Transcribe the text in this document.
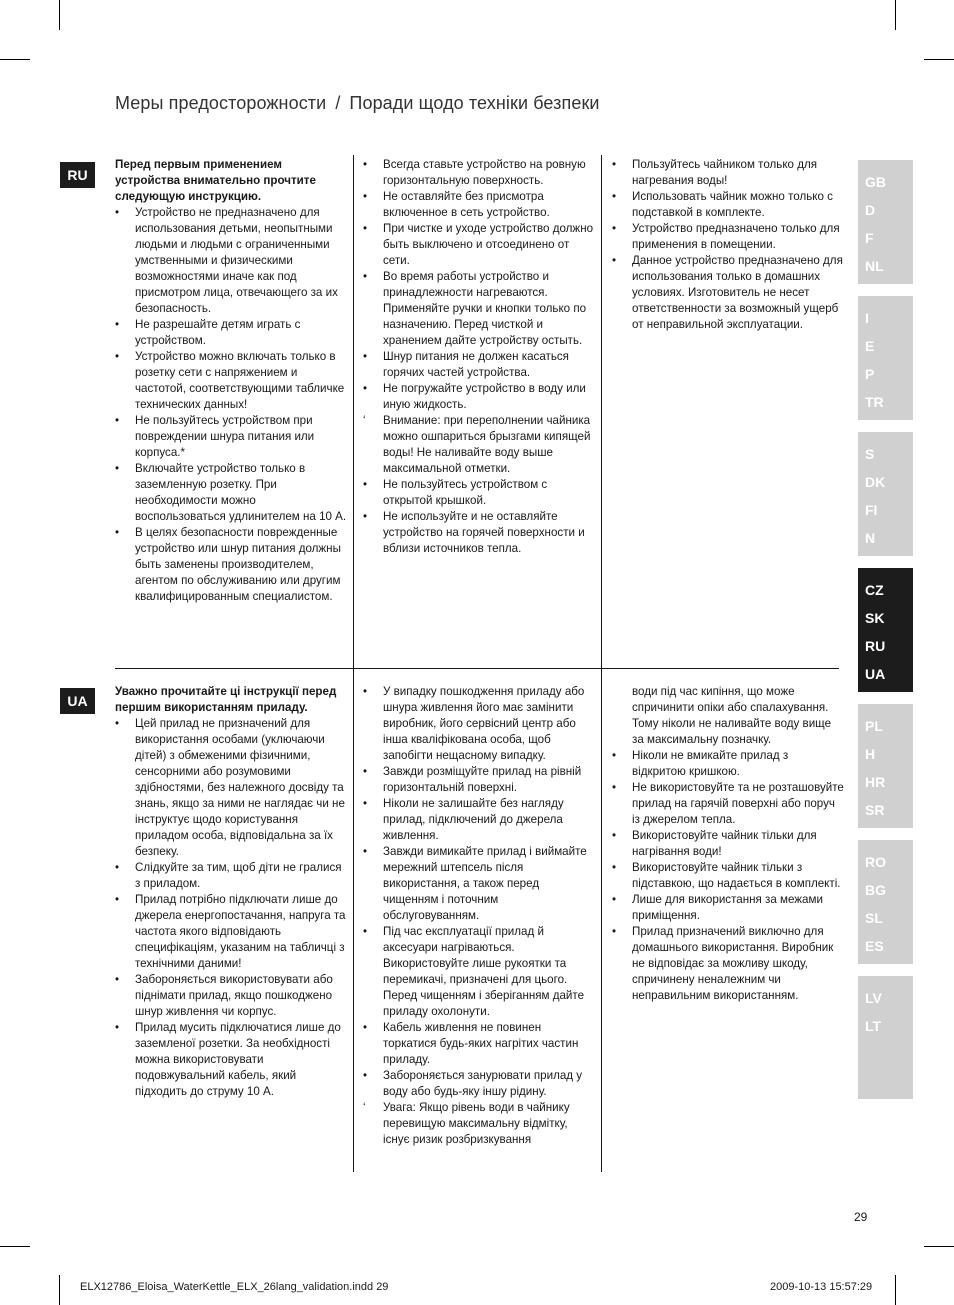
Меры предосторожности / Поради щодо техніки безпеки
RU
Перед первым применением устройства внимательно прочтите следующую инструкцию.
•	Устройство не предназначено для использования детьми, неопытными людьми и людьми с ограниченными умственными и физическими возможностями иначе как под присмотром лица, отвечающего за их безопасность.
•	Не разрешайте детям играть с устройством.
•	Устройство можно включать только в розетку сети с напряжением и частотой, соответствующими табличке технических данных!
•	Не пользуйтесь устройством при повреждении шнура питания или корпуса.*
•	Включайте устройство только в заземленную розетку. При необходимости можно воспользоваться удлинителем на 10 А.
•	В целях безопасности поврежденные устройство или шнур питания должны быть заменены производителем, агентом по обслуживанию или другим квалифицированным специалистом.
•	Всегда ставьте устройство на ровную горизонтальную поверхность.
•	Не оставляйте без присмотра включенное в сеть устройство.
•	При чистке и уходе устройство должно быть выключено и отсоединено от сети.
•	Во время работы устройство и принадлежности нагреваются. Применяйте ручки и кнопки только по назначению. Перед чисткой и хранением дайте устройству остыть.
•	Шнур питания не должен касаться горячих частей устройства.
•	Не погружайте устройство в воду или иную жидкость.
‘	Внимание: при переполнении чайника можно ошпариться брызгами кипящей воды! Не наливайте воду выше максимальной отметки.
•	Не пользуйтесь устройством с открытой крышкой.
•	Не используйте и не оставляйте устройство на горячей поверхности и вблизи источников тепла.
•	Пользуйтесь чайником только для нагревания воды!
•	Использовать чайник можно только с подставкой в комплекте.
•	Устройство предназначено только для применения в помещении.
•	Данное устройство предназначено для использования только в домашних условиях. Изготовитель не несет ответственности за возможный ущерб от неправильной эксплуатации.
UA
Уважно прочитайте ці інструкції перед першим використанням приладу.
•	Цей прилад не призначений для використання особами (уключаючи дітей) з обмеженими фізичними, сенсорними або розумовими здібностями, без належного досвіду та знань, якщо за ними не наглядає чи не інструктує щодо користування приладом особа, відповідальна за їх безпеку.
•	Слідкуйте за тим, щоб діти не гралися з приладом.
•	Прилад потрібно підключати лише до джерела енергопостачання, напруга та частота якого відповідають специфікаціям, указаним на табличці з технічними даними!
•	Забороняється використовувати або піднімати прилад, якщо пошкоджено шнур живлення чи корпус.
•	Прилад мусить підключатися лише до заземленої розетки. За необхідності можна використовувати подовжувальний кабель, який підходить до струму 10 А.
•	У випадку пошкодження приладу або шнура живлення його має замінити виробник, його сервісний центр або інша кваліфікована особа, щоб запобігти нещасному випадку.
•	Завжди розміщуйте прилад на рівній горизонтальній поверхні.
•	Ніколи не залишайте без нагляду прилад, підключений до джерела живлення.
•	Завжди вимикайте прилад і виймайте мережний штепсель після використання, а також перед чищенням і поточним обслуговуванням.
•	Під час експлуатації прилад й аксесуари нагріваються. Використовуйте лише рукоятки та перемикачі, призначені для цього. Перед чищенням і зберіганням дайте приладу охолонути.
•	Кабель живлення не повинен торкатися будь-яких нагрітих частин приладу.
•	Забороняється занурювати прилад у воду або будь-яку іншу рідину.
‘	Увага: Якщо рівень води в чайнику перевищую максимальну відмітку, існує ризик розбризкування

води під час кипіння, що може спричинити опіки або спалахування. Тому ніколи не наливайте воду вище за максимальну позначку.

•	Ніколи не вмикайте прилад з відкритою кришкою.
•	Не використовуйте та не розташовуйте прилад на гарячій поверхні або поруч із джерелом тепла.
•	Використовуйте чайник тільки для нагрівання води!
•	Використовуйте чайник тільки з підставкою, що надається в комплекті.
•	Лише для використання за межами приміщення.
•	Прилад призначений виключно для домашнього використання. Виробник не відповідає за можливу шкоду, спричинену неналежним чи неправильним використанням.
GB
D
F
NL
I
E
P
TR
S
DK
FI
N
CZ
SK
RU
UA
PL
H
HR
SR
RO
BG
SL
ES
LV
LT
29
ELX12786_Eloisa_WaterKettle_ELX_26lang_validation.indd 29	2009-10-13 15:57:29
